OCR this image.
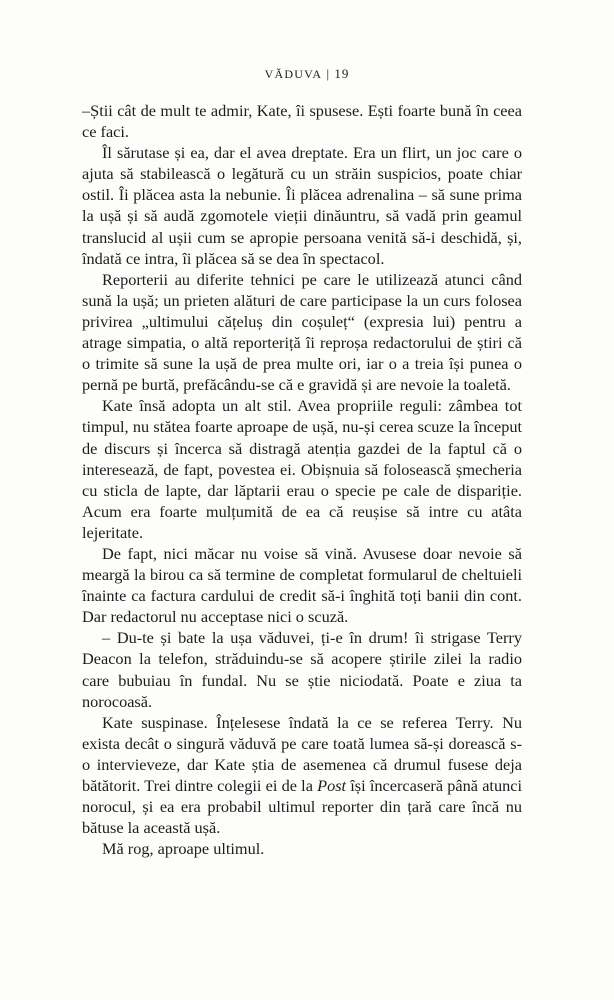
VĂDUVA | 19

–Știi cât de mult te admir, Kate, îi spusese. Ești foarte bună în ceea ce faci.

Îl sărutase și ea, dar el avea dreptate. Era un flirt, un joc care o ajuta să stabilească o legătură cu un străin suspicios, poate chiar ostil. Îi plăcea asta la nebunie. Îi plăcea adrenalina – să sune prima la ușă și să audă zgomotele vieții dinăuntru, să vadă prin geamul translucid al ușii cum se apropie persoana venită să-i deschidă, și, îndată ce intra, îi plăcea să se dea în spectacol.

Reporterii au diferite tehnici pe care le utilizează atunci când sună la ușă; un prieten alături de care participase la un curs folosea privirea „ultimului cățeluș din coșuleț“ (expresia lui) pentru a atrage simpatia, o altă reporteriță îi reproșa redactorului de știri că o trimite să sune la ușă de prea multe ori, iar o a treia își punea o pernă pe burtă, prefăcându-se că e gravidă și are nevoie la toaletă.

Kate însă adopta un alt stil. Avea propriile reguli: zâmbea tot timpul, nu stătea foarte aproape de ușă, nu-și cerea scuze la început de discurs și încerca să distragă atenția gazdei de la faptul că o interesează, de fapt, povestea ei. Obișnuia să folosească șmecheria cu sticla de lapte, dar lăptarii erau o specie pe cale de dispariție. Acum era foarte mulțumită de ea că reușise să intre cu atâta lejeritate.

De fapt, nici măcar nu voise să vină. Avusese doar nevoie să meargă la birou ca să termine de completat formularul de cheltuieli înainte ca factura cardului de credit să-i înghită toți banii din cont. Dar redactorul nu acceptase nici o scuză.

– Du-te și bate la ușa văduvei, ți-e în drum! îi strigase Terry Deacon la telefon, străduindu-se să acopere știrile zilei la radio care bubuiau în fundal. Nu se știe niciodată. Poate e ziua ta norocoasă.

Kate suspinase. Înțelesese îndată la ce se referea Terry. Nu exista decât o singură văduvă pe care toată lumea să-și dorească s-o intervieveze, dar Kate știa de asemenea că drumul fusese deja bătătorit. Trei dintre colegii ei de la Post își încercaseră până atunci norocul, și ea era probabil ultimul reporter din țară care încă nu bătuse la această ușă.

Mă rog, aproape ultimul.
